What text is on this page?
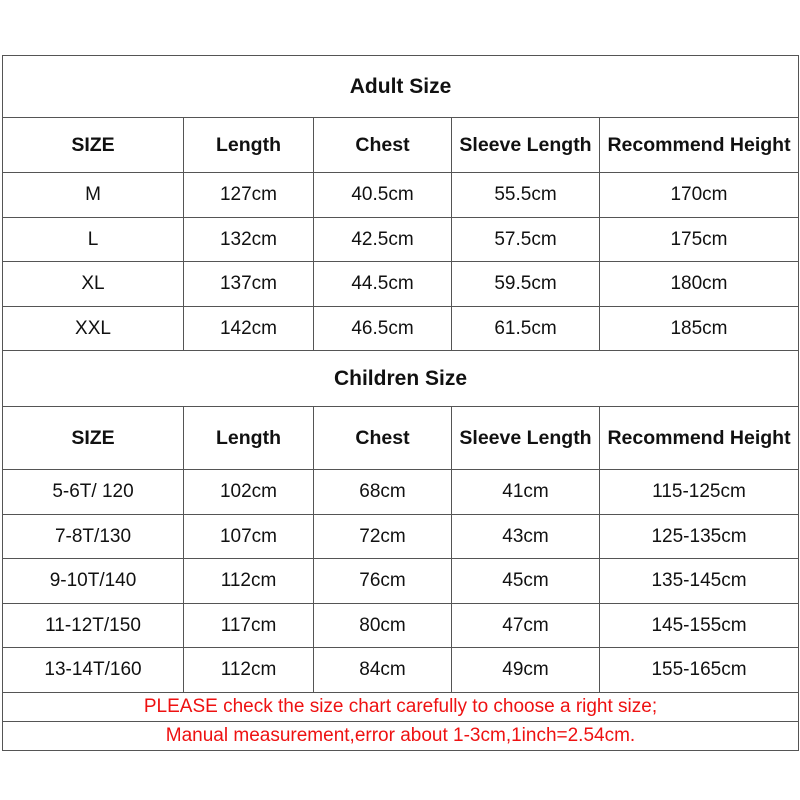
Adult Size				
SIZE	Length	Chest	Sleeve Length	Recommend Height
M	127cm	40.5cm	55.5cm	170cm
L	132cm	42.5cm	57.5cm	175cm
XL	137cm	44.5cm	59.5cm	180cm
XXL	142cm	46.5cm	61.5cm	185cm
Children Size				
SIZE	Length	Chest	Sleeve Length	Recommend Height
5-6T/ 120	102cm	68cm	41cm	115-125cm
7-8T/130	107cm	72cm	43cm	125-135cm
9-10T/140	112cm	76cm	45cm	135-145cm
11-12T/150	117cm	80cm	47cm	145-155cm
13-14T/160	112cm	84cm	49cm	155-165cm
PLEASE check the size chart carefully to choose a right size;				
Manual measurement,error about 1-3cm,1inch=2.54cm.				
